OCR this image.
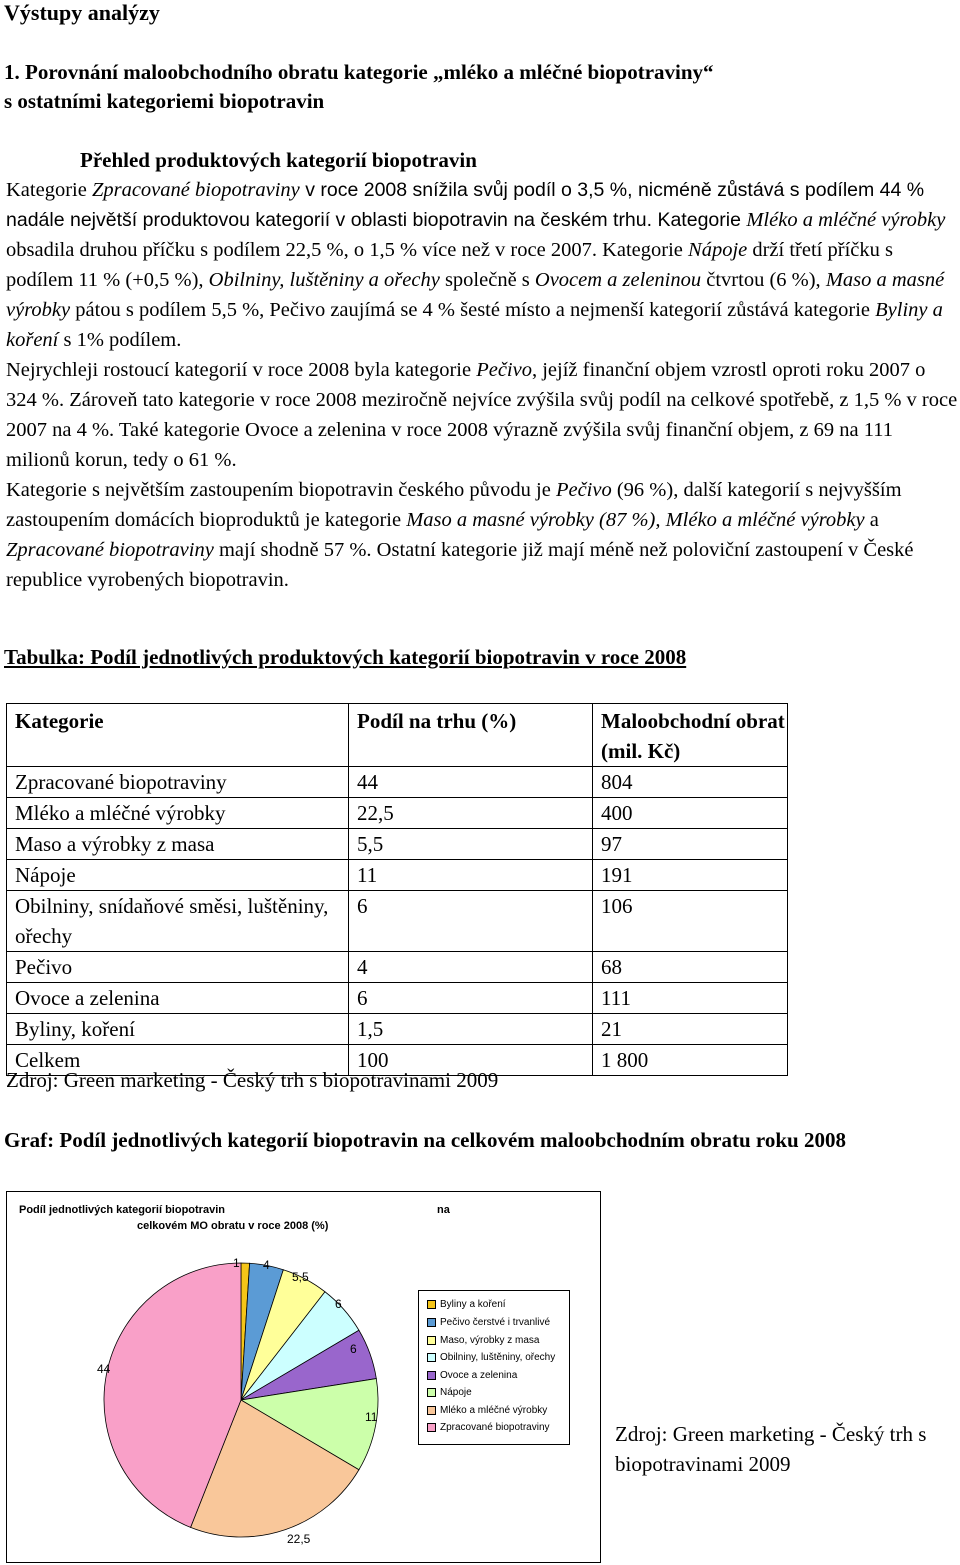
Výstupy analýzy
1. Porovnání maloobchodního obratu kategorie „mléko a mléčné biopotraviny“
s ostatními kategoriemi biopotravin
Přehled produktových kategorií biopotravin

Kategorie Zpracované biopotraviny v roce 2008 snížila svůj podíl o 3,5 %, nicméně zůstává s podílem 44 % nadále největší produktovou kategorií v oblasti biopotravin na českém trhu. Kategorie Mléko a mléčné výrobky obsadila druhou příčku s podílem 22,5 %, o 1,5 % více než v roce 2007. Kategorie Nápoje drží třetí příčku s podílem 11 % (+0,5 %), Obilniny, luštěniny a ořechy společně s Ovocem a zeleninou čtvrtou (6 %), Maso a masné výrobky pátou s podílem 5,5 %, Pečivo zaujímá se 4 % šesté místo a nejmenší kategorií zůstává kategorie Byliny a koření s 1% podílem.

Nejrychleji rostoucí kategorií v roce 2008 byla kategorie Pečivo, jejíž finanční objem vzrostl oproti roku 2007 o 324 %. Zároveň tato kategorie v roce 2008 meziročně nejvíce zvýšila svůj podíl na celkové spotřebě, z 1,5 % v roce 2007 na 4 %. Také kategorie Ovoce a zelenina v roce 2008 výrazně zvýšila svůj finanční objem, z 69 na 111 milionů korun, tedy o 61 %.

Kategorie s největším zastoupením biopotravin českého původu je Pečivo (96 %), další kategorií s nejvyšším zastoupením domácích bioproduktů je kategorie Maso a masné výrobky (87 %), Mléko a mléčné výrobky a Zpracované biopotraviny mají shodně 57 %. Ostatní kategorie již mají méně než poloviční zastoupení v České republice vyrobených biopotravin.

Tabulka: Podíl jednotlivých produktových kategorií biopotravin v roce 2008
Kategorie	Podíl na trhu (%)	Maloobchodní obrat (mil. Kč)
Zpracované biopotraviny	44	804
Mléko a mléčné výrobky	22,5	400
Maso a výrobky z masa	5,5	97
Nápoje	11	191
Obilniny, snídaňové směsi, luštěniny, ořechy	6	106
Pečivo	4	68
Ovoce a zelenina	6	111
Byliny, koření	1,5	21
Celkem	100	1 800
Zdroj: Green marketing - Český trh s biopotravinami 2009
Graf: Podíl jednotlivých kategorií biopotravin na celkovém maloobchodním obratu roku 2008
Podíl jednotlivých kategorií biopotravin
celkovém MO obratu v roce 2008 (%)
na
1 4
5,5
6
6
11
22,5
44
Byliny a koření
Pečivo čerstvé i trvanlivé
Maso, výrobky z masa
Obilniny, luštěniny, ořechy
Ovoce a zelenina
Nápoje
Mléko a mléčné výrobky
Zpracované biopotraviny	Zdroj: Green marketing - Český trh s biopotravinami 2009
